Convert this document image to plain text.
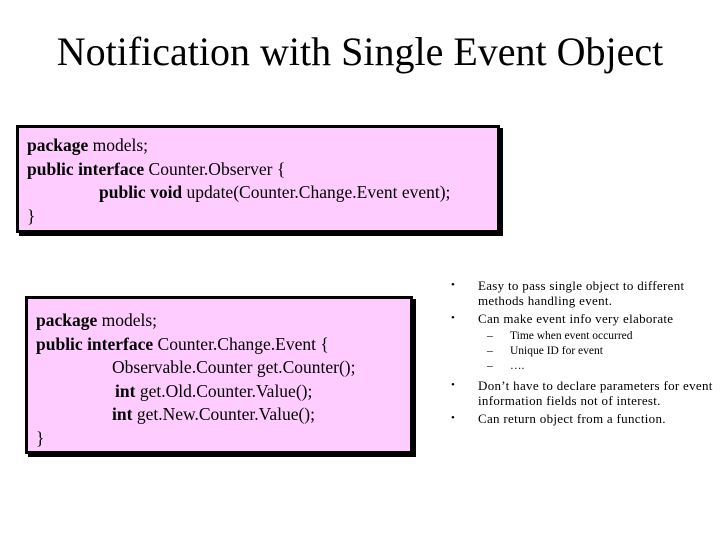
Notification with Single Event Object
package models;
public interface Counter.Observer {
public void update(Counter.Change.Event event);
}
package models;
public interface Counter.Change.Event {
Observable.Counter get.Counter();
int get.Old.Counter.Value();
int get.New.Counter.Value();
}
• Easy to pass single object to different methods handling event.
• Can make event info very elaborate
– Time when event occurred
– Unique ID for event
– ….
• Don’t have to declare parameters for event information fields not of interest.
• Can return object from a function.
